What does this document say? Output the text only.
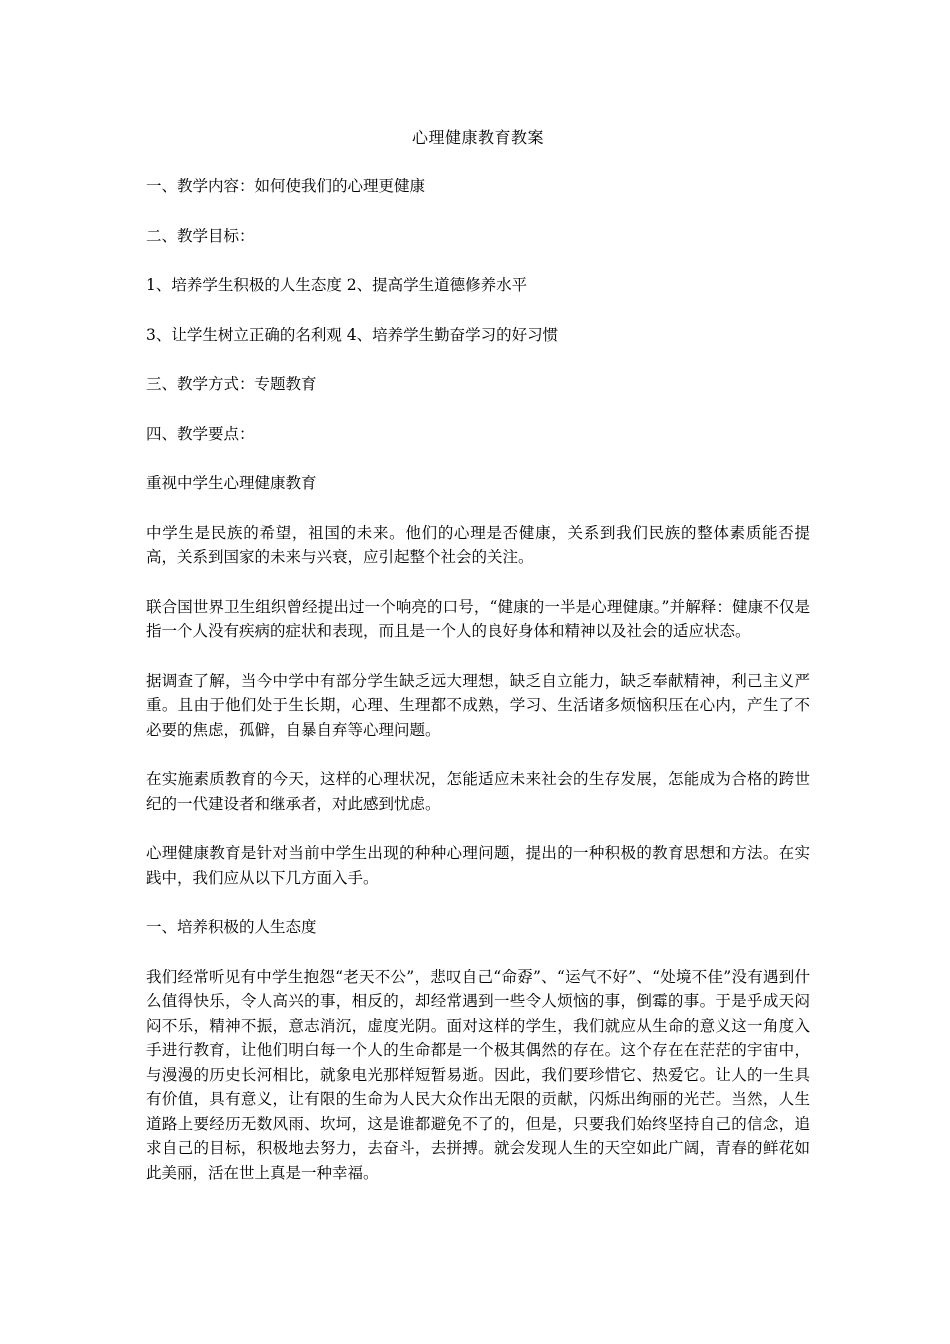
心理健康教育教案

一、教学内容：如何使我们的心理更健康

二、教学目标：

1、培养学生积极的人生态度 2、提高学生道德修养水平

3、让学生树立正确的名利观 4、培养学生勤奋学习的好习惯

三、教学方式：专题教育

四、教学要点：

重视中学生心理健康教育

中学生是民族的希望，祖国的未来。他们的心理是否健康，关系到我们民族的整体素质能否提高，关系到国家的未来与兴衰，应引起整个社会的关注。

联合国世界卫生组织曾经提出过一个响亮的口号，“健康的一半是心理健康。”并解释：健康不仅是指一个人没有疾病的症状和表现，而且是一个人的良好身体和精神以及社会的适应状态。

据调查了解，当今中学中有部分学生缺乏远大理想，缺乏自立能力，缺乏奉献精神，利己主义严重。且由于他们处于生长期，心理、生理都不成熟，学习、生活诸多烦恼积压在心内，产生了不必要的焦虑，孤僻，自暴自弃等心理问题。

在实施素质教育的今天，这样的心理状况，怎能适应未来社会的生存发展，怎能成为合格的跨世纪的一代建设者和继承者，对此感到忧虑。

心理健康教育是针对当前中学生出现的种种心理问题，提出的一种积极的教育思想和方法。在实践中，我们应从以下几方面入手。

一、培养积极的人生态度

我们经常听见有中学生抱怨“老天不公”，悲叹自己“命孬”、“运气不好”、“处境不佳”没有遇到什么值得快乐，令人高兴的事，相反的，却经常遇到一些令人烦恼的事，倒霉的事。于是乎成天闷闷不乐，精神不振，意志消沉，虚度光阴。面对这样的学生，我们就应从生命的意义这一角度入手进行教育，让他们明白每一个人的生命都是一个极其偶然的存在。这个存在在茫茫的宇宙中，与漫漫的历史长河相比，就象电光那样短暂易逝。因此，我们要珍惜它、热爱它。让人的一生具有价值，具有意义，让有限的生命为人民大众作出无限的贡献，闪烁出绚丽的光芒。当然，人生道路上要经历无数风雨、坎坷，这是谁都避免不了的，但是，只要我们始终坚持自己的信念，追求自己的目标，积极地去努力，去奋斗，去拼搏。就会发现人生的天空如此广阔，青春的鲜花如此美丽，活在世上真是一种幸福。
